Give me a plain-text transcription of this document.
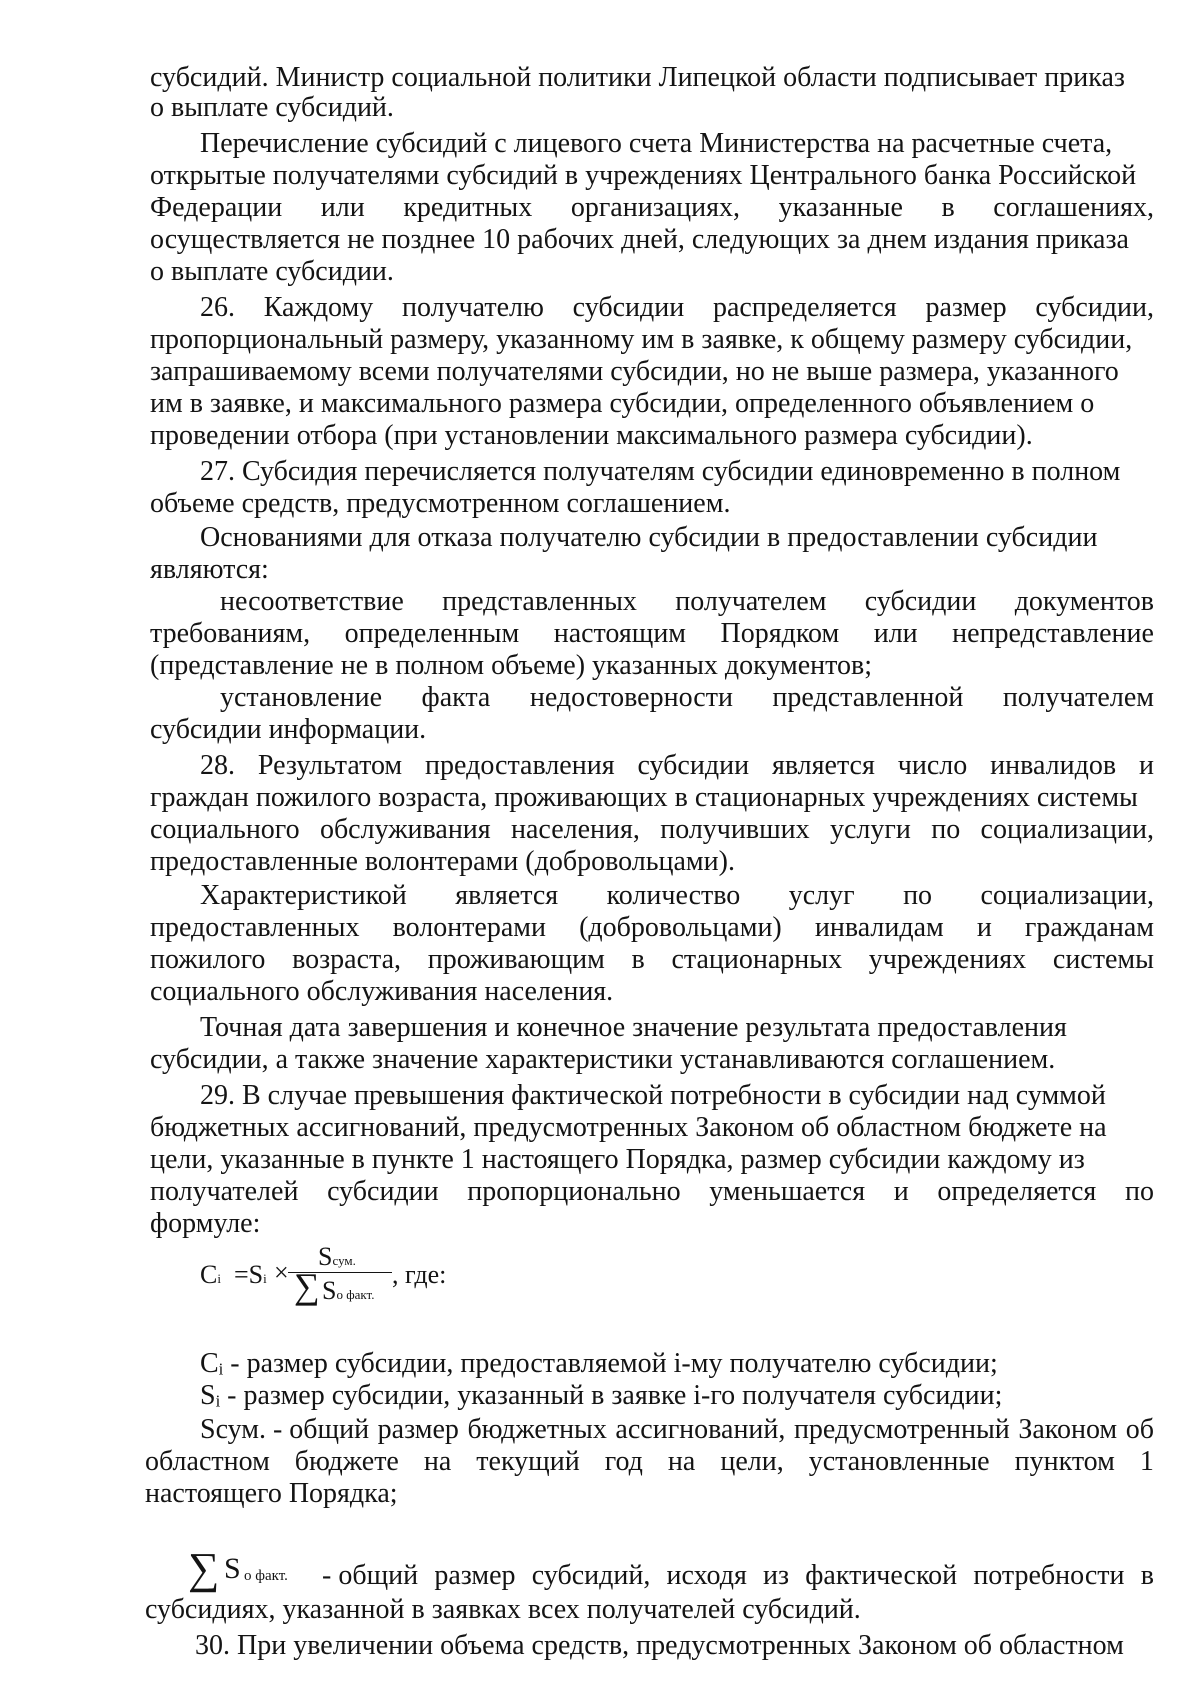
субсидий. Министр социальной политики Липецкой области подписывает приказ
о выплате субсидий.
Перечисление субсидий с лицевого счета Министерства на расчетные счета,
открытые получателями субсидий в учреждениях Центрального банка Российской
Федерации или кредитных организациях, указанные в соглашениях,
осуществляется не позднее 10 рабочих дней, следующих за днем издания приказа
о выплате субсидии.
26. Каждому получателю субсидии распределяется размер субсидии,
пропорциональный размеру, указанному им в заявке, к общему размеру субсидии,
запрашиваемому всеми получателями субсидии, но не выше размера, указанного
им в заявке, и максимального размера субсидии, определенного объявлением о
проведении отбора (при установлении максимального размера субсидии).
27. Субсидия перечисляется получателям субсидии единовременно в полном
объеме средств, предусмотренном соглашением.
Основаниями для отказа получателю субсидии в предоставлении субсидии
являются:
несоответствие представленных получателем субсидии документов
требованиям, определенным настоящим Порядком или непредставление
(представление не в полном объеме) указанных документов;
установление факта недостоверности представленной получателем
субсидии информации.
28. Результатом предоставления субсидии является число инвалидов и
граждан пожилого возраста, проживающих в стационарных учреждениях системы
социального обслуживания населения, получивших услуги по социализации,
предоставленные волонтерами (добровольцами).
Характеристикой является количество услуг по социализации,
предоставленных волонтерами (добровольцами) инвалидам и гражданам
пожилого возраста, проживающим в стационарных учреждениях системы
социального обслуживания населения.
Точная дата завершения и конечное значение результата предоставления
субсидии, а также значение характеристики устанавливаются соглашением.
29. В случае превышения фактической потребности в субсидии над суммой
бюджетных ассигнований, предусмотренных Законом об областном бюджете на
цели, указанные в пункте 1 настоящего Порядка, размер субсидии каждому из
получателей субсидии пропорционально уменьшается и определяется по
формуле:
Ci =Si ×
Sсум.
∑ Sо факт.
, где:
Сᵢ - размер субсидии, предоставляемой i-му получателю субсидии;
Sᵢ - размер субсидии, указанный в заявке i-го получателя субсидии;
Sсум. - общий размер бюджетных ассигнований, предусмотренный Законом об
областном бюджете на текущий год на цели, установленные пунктом 1
настоящего Порядка;
∑ S о факт. - общий размер субсидий, исходя из фактической потребности в
субсидиях, указанной в заявках всех получателей субсидий.
30. При увеличении объема средств, предусмотренных Законом об областном
